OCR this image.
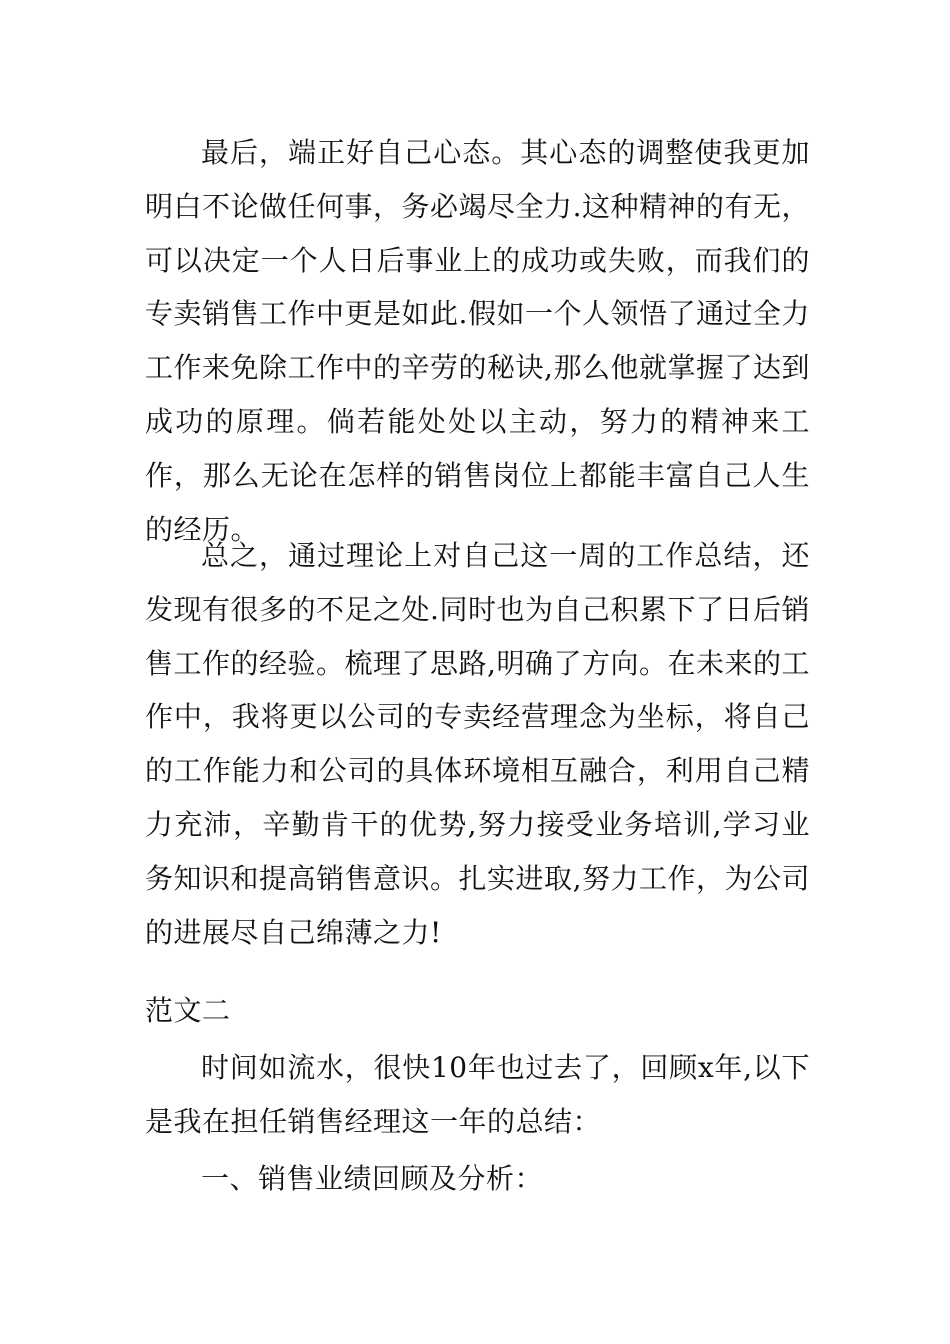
最后，端正好自己心态。其心态的调整使我更加明白不论做任何事，务必竭尽全力.这种精神的有无，可以决定一个人日后事业上的成功或失败，而我们的专卖销售工作中更是如此.假如一个人领悟了通过全力工作来免除工作中的辛劳的秘诀,那么他就掌握了达到成功的原理。倘若能处处以主动，努力的精神来工作，那么无论在怎样的销售岗位上都能丰富自己人生的经历。

总之，通过理论上对自己这一周的工作总结，还发现有很多的不足之处.同时也为自己积累下了日后销售工作的经验。梳理了思路,明确了方向。在未来的工作中，我将更以公司的专卖经营理念为坐标，将自己的工作能力和公司的具体环境相互融合，利用自己精力充沛，辛勤肯干的优势,努力接受业务培训,学习业务知识和提高销售意识。扎实进取,努力工作，为公司的进展尽自己绵薄之力!

范文二

时间如流水，很快10年也过去了，回顾x年,以下是我在担任销售经理这一年的总结：

一、销售业绩回顾及分析：
